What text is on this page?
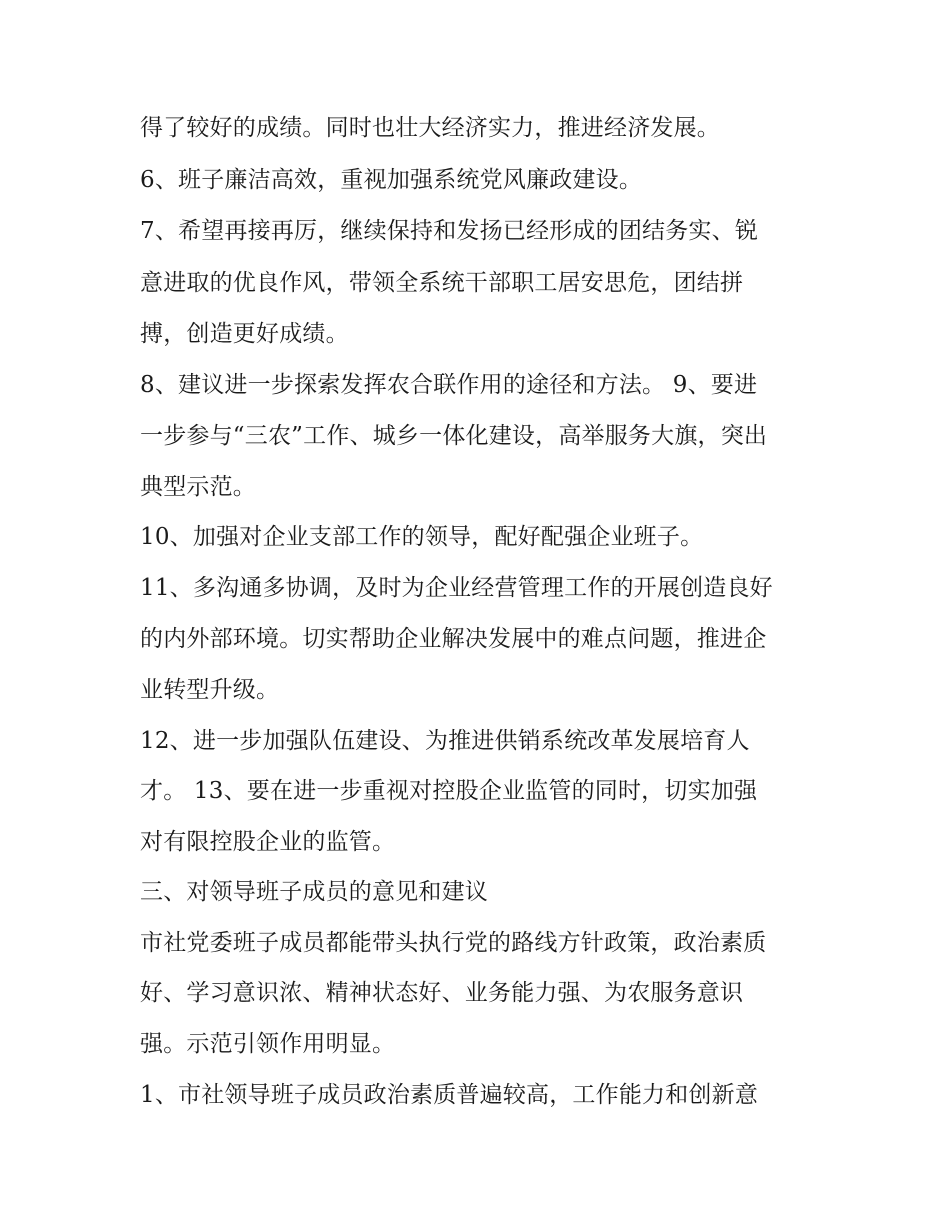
得了较好的成绩。同时也壮大经济实力，推进经济发展。
6、班子廉洁高效，重视加强系统党风廉政建设。
7、希望再接再厉，继续保持和发扬已经形成的团结务实、锐
意进取的优良作风，带领全系统干部职工居安思危，团结拼
搏，创造更好成绩。
8、建议进一步探索发挥农合联作用的途径和方法。 9、要进
一步参与“三农”工作、城乡一体化建设，高举服务大旗，突出
典型示范。
10、加强对企业支部工作的领导，配好配强企业班子。
11、多沟通多协调，及时为企业经营管理工作的开展创造良好
的内外部环境。切实帮助企业解决发展中的难点问题，推进企
业转型升级。
12、进一步加强队伍建设、为推进供销系统改革发展培育人
才。 13、要在进一步重视对控股企业监管的同时，切实加强
对有限控股企业的监管。
三、对领导班子成员的意见和建议
市社党委班子成员都能带头执行党的路线方针政策，政治素质
好、学习意识浓、精神状态好、业务能力强、为农服务意识
强。示范引领作用明显。
1、市社领导班子成员政治素质普遍较高，工作能力和创新意
